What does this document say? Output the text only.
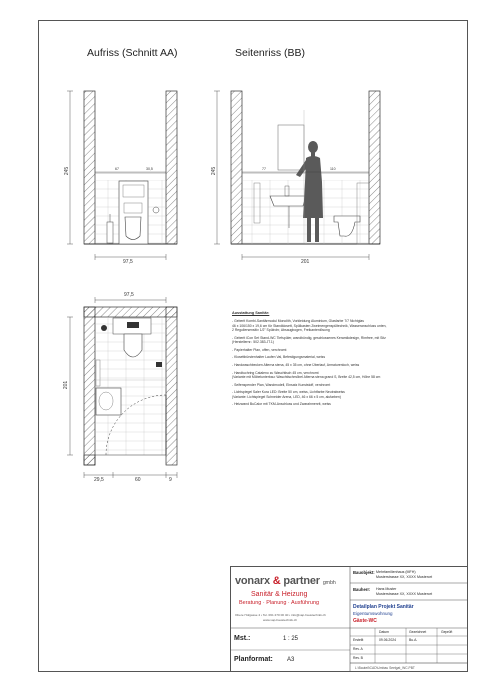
Aufriss (Schnitt AA)	Seitenriss (BB)
245
97,5
67	30,5	245
201
77	110
97,5
201
29,5	60	9
Ausstattung Sanitär:
- Geberit Kombi-Sanitärmodul Monolith, Vorkleidung Aluminium, Glasfarbe 7/7 Nichtglas
46 x 106/150 x 19,6 cm für Standklosett, Spülkasten Zweimengenspültechnik, Wasseranschluss unten,
2 Reguliersensitiv 1/2" Spülrohr, Absaugbogen, Freikantenlösung
- Geberit iCon Set Stand-WC Tiefspüler, wandbündig, geschlossenes Keramikdesign, Rimfree, mit Sitz
(Herstellernr.: 502.383.JT.1)
- Papierhalter Plan, offen, verchromt
- Klosettbürstenhalter Laufen Val, Befestigungsmaterial, weiss
- Handwaschbecken Alterna stena, 45 x 35 cm, ohne Überlauf, Armaturenloch, weiss
- Handtuchring Cataleno zu Waschtisch 45 cm, verchromt
(Variante mit Möbelunterbau: Waschtischmöbel Alterna stena grand S, Breite 42,5 cm, Höhe 58 cm
- Seifenspender Plan, Wandmodell, Einsatz Kunststoff, verchromt
- Lichtspiegel Saler Kura LED: Breite 50 cm, weiss, Lichtfarbe Neutralweiss
(Variante: Lichtspiegel Schneider Arena, LED, 46 x 66 x 5 cm, alufarben)
- Heizwand BuCalor mit TKM-Anschluss und Zwarahmenrit, weiss
vonarx & partner gmbh
Sanitär & Heizung
Beratung · Planung · Ausführung
Obere Hofgasse 4 • Tel. 061 270 00 40 • info@vap-haustechnik.ch
www.vap-haustechnik.ch
Bauobjekt: Mehrfamilienhaus (MFH)
Musterstrasse XX, XXXX Musterort
Bauherr: Hans Muster
Musterstrasse XX, XXXX Musterort
Detailplan Projekt Sanitär
Eigentumswohnung
Gäste-WC
Datum	Gezeichnet	Geprüft
Erstellt	09.06.2024	Bu.A.
Rev. A
Rev. B
Mst.:	1 : 25
Planformat: A3
L:\Bauteil\CAD\Umbau Seelgat_WC.PBT
